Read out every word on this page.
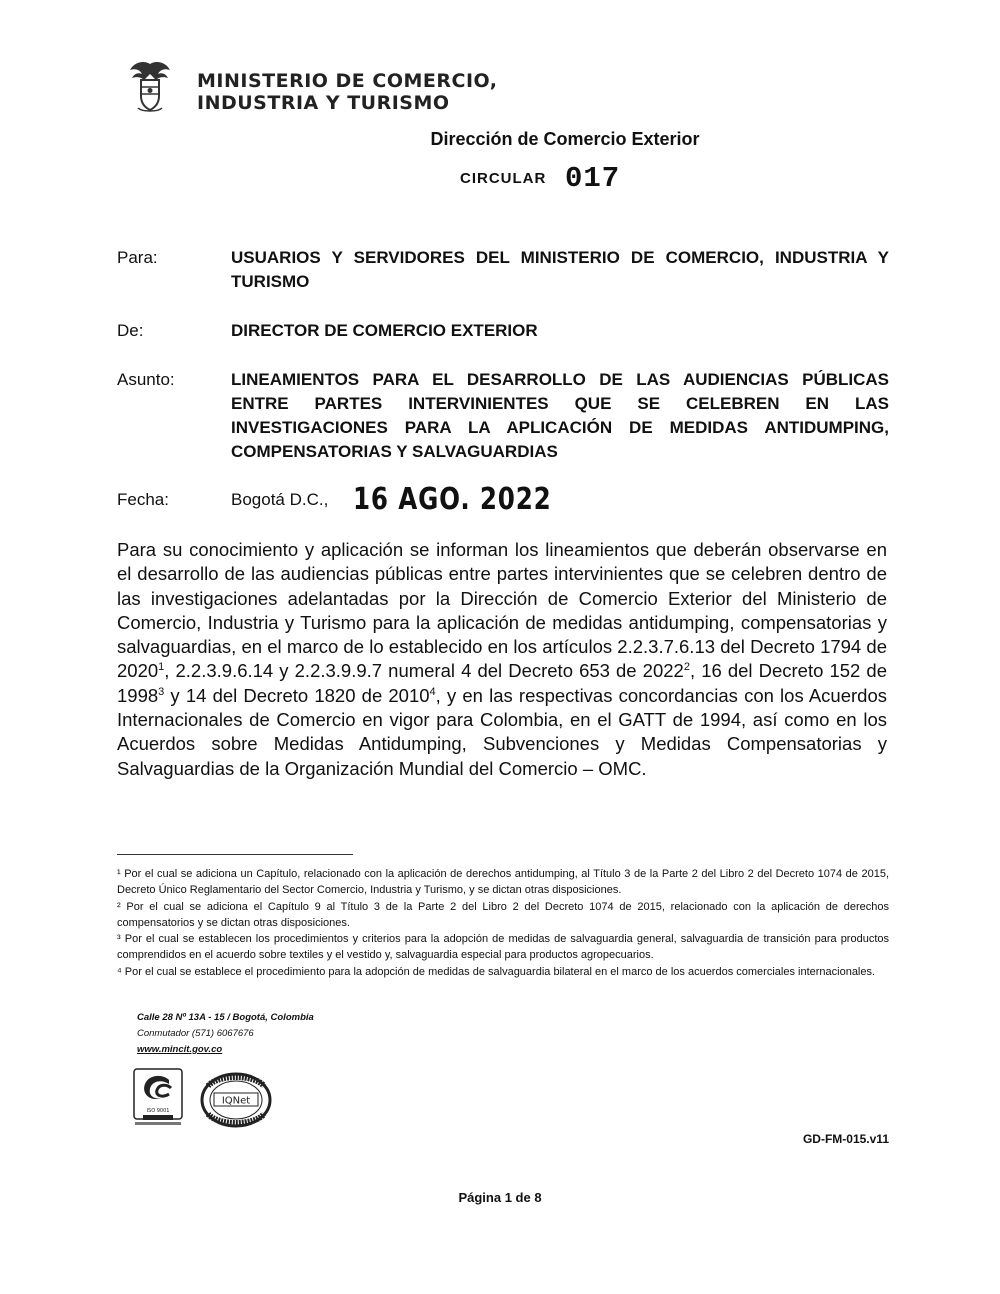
MINISTERIO DE COMERCIO,
INDUSTRIA Y TURISMO
Dirección de Comercio Exterior
CIRCULAR 017
Para:	USUARIOS Y SERVIDORES DEL MINISTERIO DE COMERCIO, INDUSTRIA Y TURISMO
De:	DIRECTOR DE COMERCIO EXTERIOR
Asunto:	LINEAMIENTOS PARA EL DESARROLLO DE LAS AUDIENCIAS PÚBLICAS ENTRE PARTES INTERVINIENTES QUE SE CELEBREN EN LAS INVESTIGACIONES PARA LA APLICACIÓN DE MEDIDAS ANTIDUMPING, COMPENSATORIAS Y SALVAGUARDIAS
Fecha:	Bogotá D.C., 16 AGO. 2022
Para su conocimiento y aplicación se informan los lineamientos que deberán observarse en el desarrollo de las audiencias públicas entre partes intervinientes que se celebren dentro de las investigaciones adelantadas por la Dirección de Comercio Exterior del Ministerio de Comercio, Industria y Turismo para la aplicación de medidas antidumping, compensatorias y salvaguardias, en el marco de lo establecido en los artículos 2.2.3.7.6.13 del Decreto 1794 de 2020$^1$, 2.2.3.9.6.14 y 2.2.3.9.9.7 numeral 4 del Decreto 653 de 2022$^2$, 16 del Decreto 152 de 1998$^3$ y 14 del Decreto 1820 de 2010$^4$, y en las respectivas concordancias con los Acuerdos Internacionales de Comercio en vigor para Colombia, en el GATT de 1994, así como en los Acuerdos sobre Medidas Antidumping, Subvenciones y Medidas Compensatorias y Salvaguardias de la Organización Mundial del Comercio – OMC.

¹ Por el cual se adiciona un Capítulo, relacionado con la aplicación de derechos antidumping, al Título 3 de la Parte 2 del Libro 2 del Decreto 1074 de 2015, Decreto Único Reglamentario del Sector Comercio, Industria y Turismo, y se dictan otras disposiciones.

² Por el cual se adiciona el Capítulo 9 al Título 3 de la Parte 2 del Libro 2 del Decreto 1074 de 2015, relacionado con la aplicación de derechos compensatorios y se dictan otras disposiciones.

³ Por el cual se establecen los procedimientos y criterios para la adopción de medidas de salvaguardia general, salvaguardia de transición para productos comprendidos en el acuerdo sobre textiles y el vestido y, salvaguardia especial para productos agropecuarios.

⁴ Por el cual se establece el procedimiento para la adopción de medidas de salvaguardia bilateral en el marco de los acuerdos comerciales internacionales.

Calle 28 Nº 13A - 15 / Bogotá, Colombia
Conmutador (571) 6067676
www.mincit.gov.co
ISO 9001
IQNet
GD-FM-015.v11
Página 1 de 8
